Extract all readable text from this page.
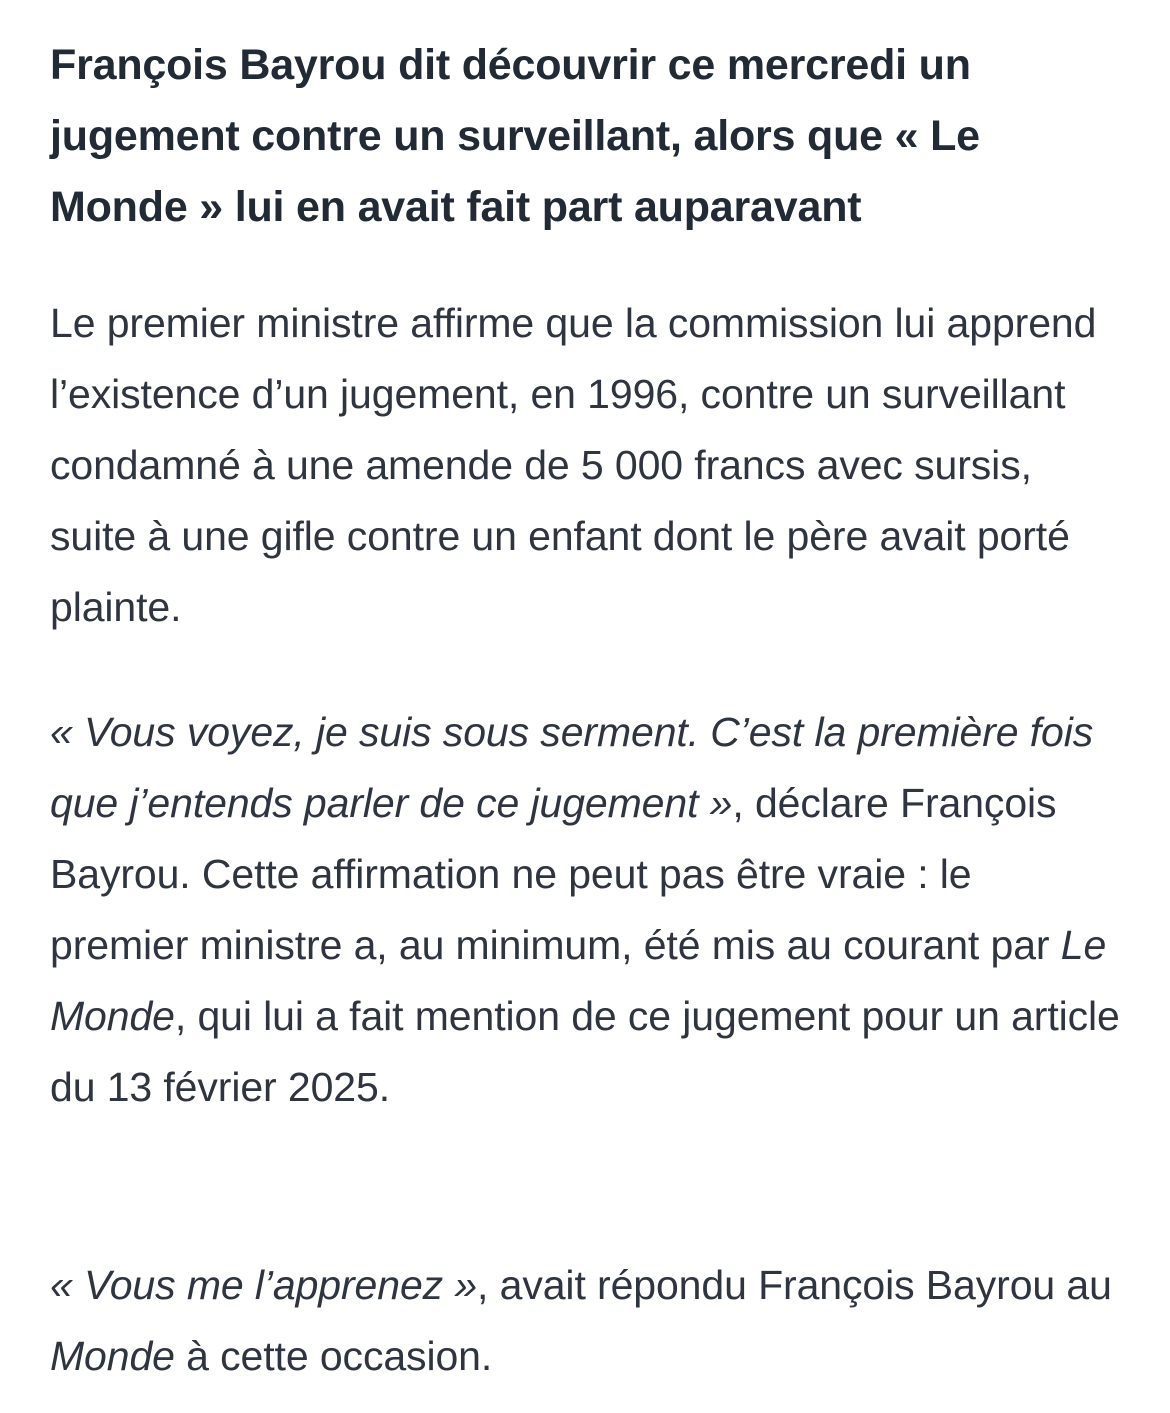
François Bayrou dit découvrir ce mercredi un jugement contre un surveillant, alors que « Le Monde » lui en avait fait part auparavant

Le premier ministre affirme que la commission lui apprend l’existence d’un jugement, en 1996, contre un surveillant condamné à une amende de 5 000 francs avec sursis, suite à une gifle contre un enfant dont le père avait porté plainte.

« Vous voyez, je suis sous serment. C’est la première fois que j’entends parler de ce jugement », déclare François Bayrou. Cette affirmation ne peut pas être vraie : le premier ministre a, au minimum, été mis au courant par Le Monde, qui lui a fait mention de ce jugement pour un article du 13 février 2025.

« Vous me l’apprenez », avait répondu François Bayrou au Monde à cette occasion.
